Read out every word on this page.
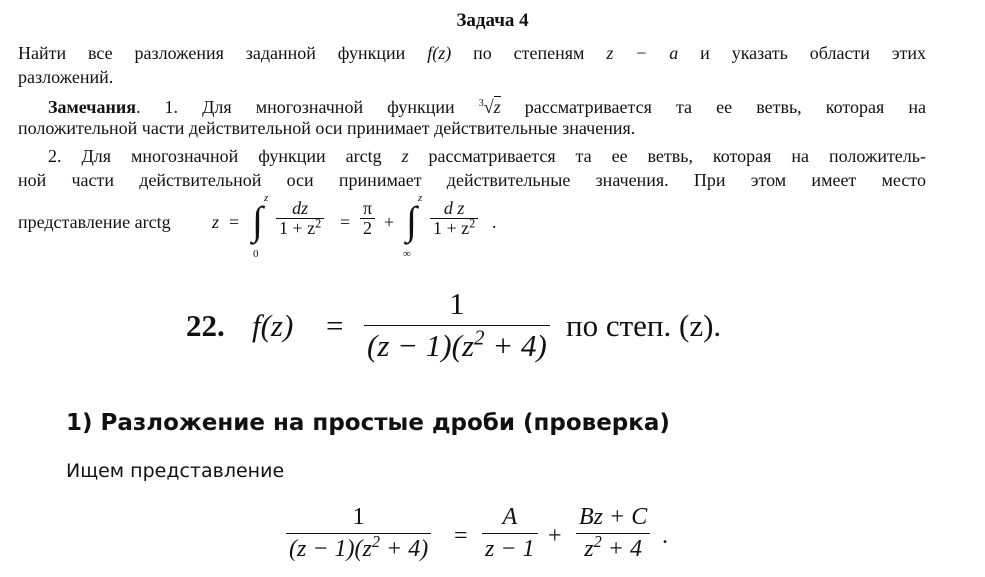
Задача 4
Найти все разложения заданной функции f(z) по степеням z − a и указать области этих
разложений.
Замечания. 1. Для многозначной функции $^3$√z рассматривается та ее ветвь, которая на
положительной части действительной оси принимает действительные значения.
2. Для многозначной функции arctg z рассматривается та ее ветвь, которая на положитель-
ной части действительной оси принимает действительные значения. При этом имеет место
представление arctg z =
z
∫
0
dz
$1 + z^2$ =
π
2 +
z
∫
∞
d z
$1 + z^2$ .
22. f(z) =
1
$(z - 1)(z^2 + 4)$
по степ. (z).
1) Разложение на простые дроби (проверка)
Ищем представление
1
$(z - 1)(z^2 + 4)$
=
A
z − 1
+
Bz + C
$z^2 + 4$
.
